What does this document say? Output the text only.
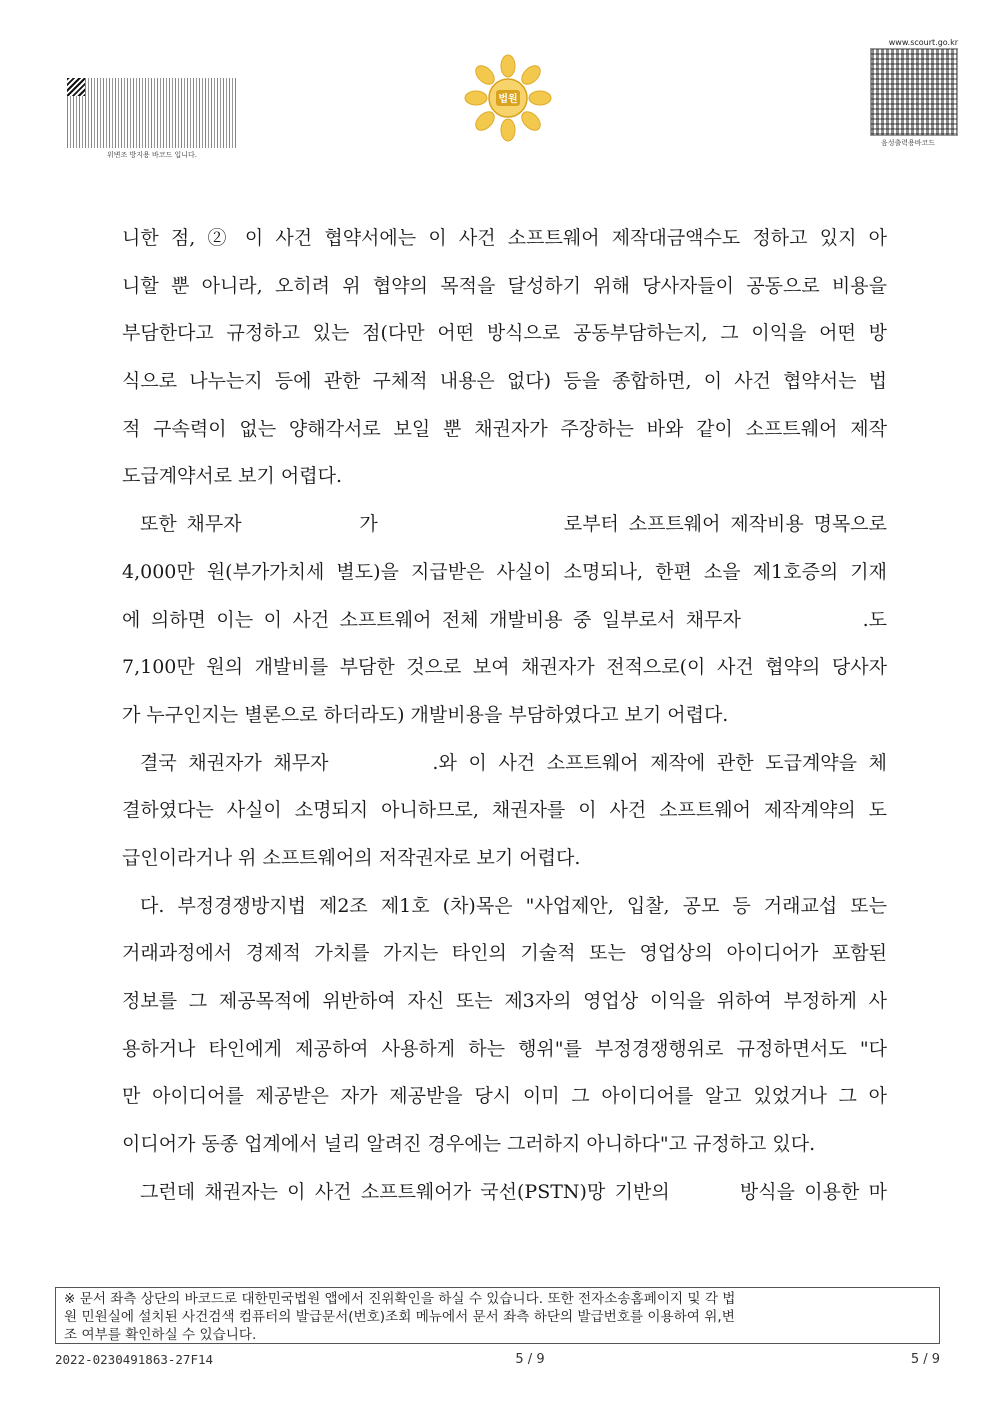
위변조 방지용 바코드 입니다.
법원
www.scourt.go.kr
음성출력용바코드
니한 점, ② 이 사건 협약서에는 이 사건 소프트웨어 제작대금액수도 정하고 있지 아
니할 뿐 아니라, 오히려 위 협약의 목적을 달성하기 위해 당사자들이 공동으로 비용을
부담한다고 규정하고 있는 점(다만 어떤 방식으로 공동부담하는지, 그 이익을 어떤 방
식으로 나누는지 등에 관한 구체적 내용은 없다) 등을 종합하면, 이 사건 협약서는 법
적 구속력이 없는 양해각서로 보일 뿐 채권자가 주장하는 바와 같이 소프트웨어 제작
도급계약서로 보기 어렵다.
또한 채무자　　　　　가　　　　　　　　로부터 소프트웨어 제작비용 명목으로
4,000만 원(부가가치세 별도)을 지급받은 사실이 소명되나, 한편 소을 제1호증의 기재
에 의하면 이는 이 사건 소프트웨어 전체 개발비용 중 일부로서 채무자　　　　　.도
7,100만 원의 개발비를 부담한 것으로 보여 채권자가 전적으로(이 사건 협약의 당사자
가 누구인지는 별론으로 하더라도) 개발비용을 부담하였다고 보기 어렵다.
결국 채권자가 채무자　　　　.와 이 사건 소프트웨어 제작에 관한 도급계약을 체
결하였다는 사실이 소명되지 아니하므로, 채권자를 이 사건 소프트웨어 제작계약의 도
급인이라거나 위 소프트웨어의 저작권자로 보기 어렵다.
다. 부정경쟁방지법 제2조 제1호 (차)목은 "사업제안, 입찰, 공모 등 거래교섭 또는
거래과정에서 경제적 가치를 가지는 타인의 기술적 또는 영업상의 아이디어가 포함된
정보를 그 제공목적에 위반하여 자신 또는 제3자의 영업상 이익을 위하여 부정하게 사
용하거나 타인에게 제공하여 사용하게 하는 행위"를 부정경쟁행위로 규정하면서도 "다
만 아이디어를 제공받은 자가 제공받을 당시 이미 그 아이디어를 알고 있었거나 그 아
이디어가 동종 업계에서 널리 알려진 경우에는 그러하지 아니하다"고 규정하고 있다.
그런데 채권자는 이 사건 소프트웨어가 국선(PSTN)망 기반의　　　방식을 이용한 마
※ 문서 좌측 상단의 바코드로 대한민국법원 앱에서 진위확인을 하실 수 있습니다. 또한 전자소송홈페이지 및 각 법
원 민원실에 설치된 사건검색 컴퓨터의 발급문서(번호)조회 메뉴에서 문서 좌측 하단의 발급번호를 이용하여 위,변
조 여부를 확인하실 수 있습니다.
2022-0230491863-27F14	5 / 9	5 / 9
